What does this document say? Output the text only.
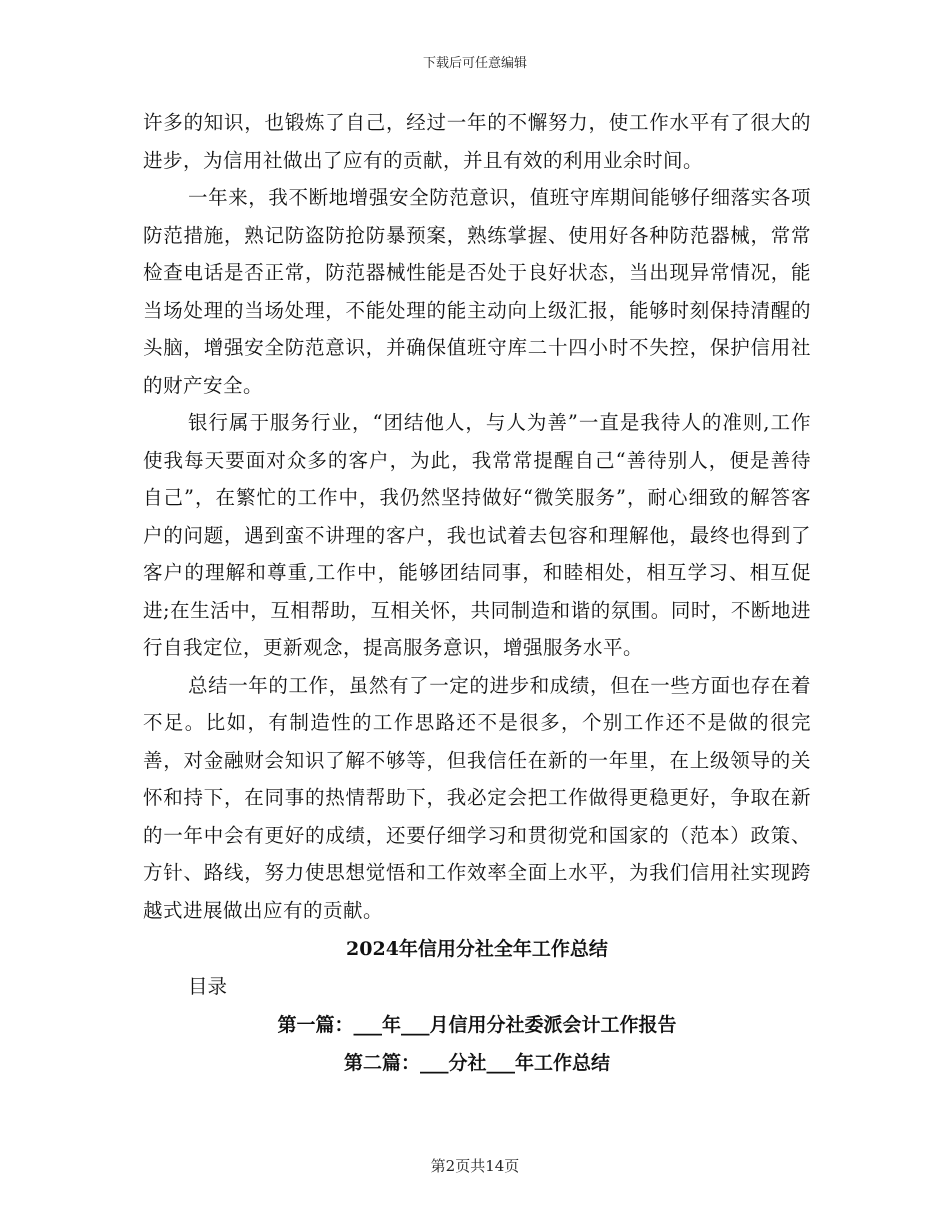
下载后可任意编辑

许多的知识，也锻炼了自己，经过一年的不懈努力，使工作水平有了很大的进步，为信用社做出了应有的贡献，并且有效的利用业余时间。

一年来，我不断地增强安全防范意识，值班守库期间能够仔细落实各项防范措施，熟记防盗防抢防暴预案，熟练掌握、使用好各种防范器械，常常检查电话是否正常，防范器械性能是否处于良好状态，当出现异常情况，能当场处理的当场处理，不能处理的能主动向上级汇报，能够时刻保持清醒的头脑，增强安全防范意识，并确保值班守库二十四小时不失控，保护信用社的财产安全。

银行属于服务行业，“团结他人，与人为善”一直是我待人的准则,工作使我每天要面对众多的客户，为此，我常常提醒自己“善待别人，便是善待自己”，在繁忙的工作中，我仍然坚持做好“微笑服务”，耐心细致的解答客户的问题，遇到蛮不讲理的客户，我也试着去包容和理解他，最终也得到了客户的理解和尊重,工作中，能够团结同事，和睦相处，相互学习、相互促进;在生活中，互相帮助，互相关怀，共同制造和谐的氛围。同时，不断地进行自我定位，更新观念，提高服务意识，增强服务水平。

总结一年的工作，虽然有了一定的进步和成绩，但在一些方面也存在着不足。比如，有制造性的工作思路还不是很多，个别工作还不是做的很完善，对金融财会知识了解不够等，但我信任在新的一年里，在上级领导的关怀和持下，在同事的热情帮助下，我必定会把工作做得更稳更好，争取在新的一年中会有更好的成绩，还要仔细学习和贯彻党和国家的（范本）政策、方针、路线，努力使思想觉悟和工作效率全面上水平，为我们信用社实现跨越式进展做出应有的贡献。

2024年信用分社全年工作总结
目录
第一篇：___年___月信用分社委派会计工作报告
第二篇：___分社___年工作总结
第2页共14页
